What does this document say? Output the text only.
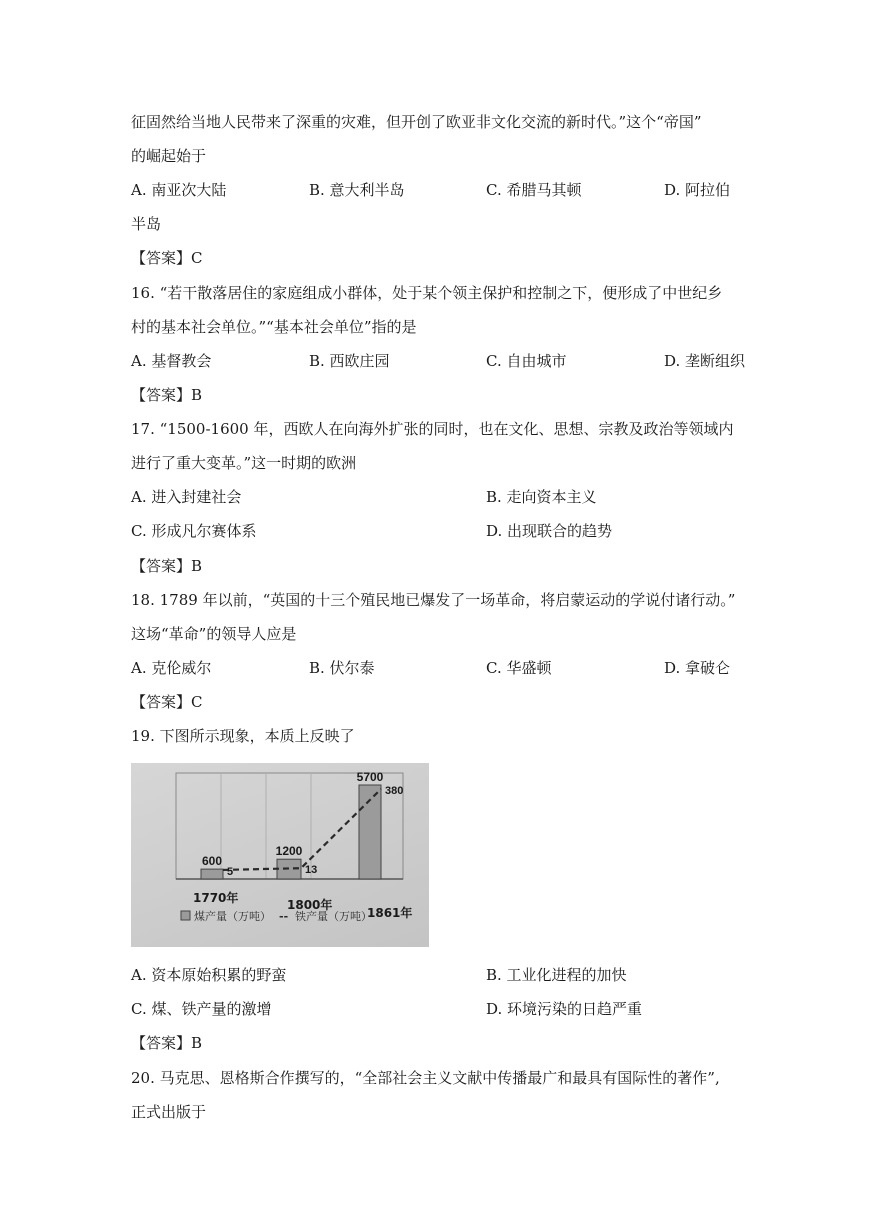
征固然给当地人民带来了深重的灾难，但开创了欧亚非文化交流的新时代。”这个“帝国”
的崛起始于
A. 南亚次大陆	B. 意大利半岛	C. 希腊马其顿	D. 阿拉伯
半岛
【答案】C
16. “若干散落居住的家庭组成小群体，处于某个领主保护和控制之下，便形成了中世纪乡
村的基本社会单位。”“基本社会单位”指的是
A. 基督教会	B. 西欧庄园	C. 自由城市	D. 垄断组织
【答案】B
17. “1500-1600 年，西欧人在向海外扩张的同时，也在文化、思想、宗教及政治等领域内
进行了重大变革。”这一时期的欧洲
A. 进入封建社会	B. 走向资本主义
C. 形成凡尔赛体系	D. 出现联合的趋势
【答案】B
18. 1789 年以前，“英国的十三个殖民地已爆发了一场革命，将启蒙运动的学说付诸行动。”
这场“革命”的领导人应是
A. 克伦威尔	B. 伏尔泰	C. 华盛顿	D. 拿破仑
【答案】C
19. 下图所示现象，本质上反映了
600
1200
5700
5	13
380
1770年	1800年
1861年
煤产量（万吨） -- 铁产量（万吨）
A. 资本原始积累的野蛮	B. 工业化进程的加快
C. 煤、铁产量的激增	D. 环境污染的日趋严重
【答案】B
20. 马克思、恩格斯合作撰写的，“全部社会主义文献中传播最广和最具有国际性的著作”,
正式出版于
